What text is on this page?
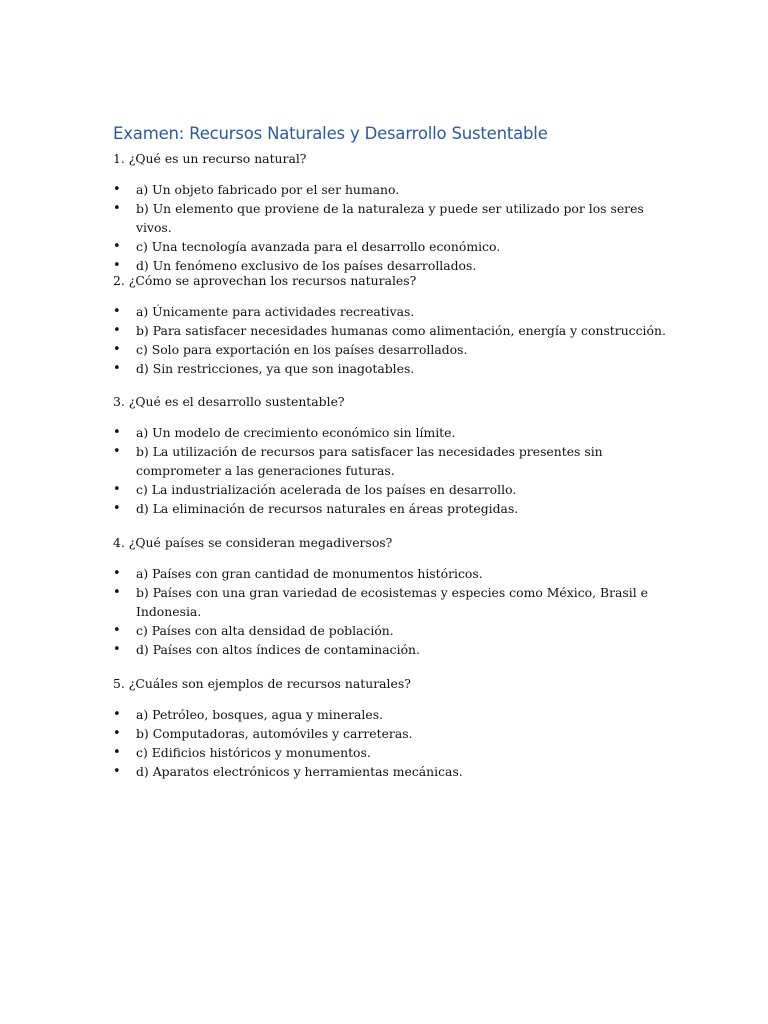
Examen: Recursos Naturales y Desarrollo Sustentable
1. ¿Qué es un recurso natural?
• a) Un objeto fabricado por el ser humano.
• b) Un elemento que proviene de la naturaleza y puede ser utilizado por los seres vivos.
• c) Una tecnología avanzada para el desarrollo económico.
• d) Un fenómeno exclusivo de los países desarrollados.
2. ¿Cómo se aprovechan los recursos naturales?
• a) Únicamente para actividades recreativas.
• b) Para satisfacer necesidades humanas como alimentación, energía y construcción.
• c) Solo para exportación en los países desarrollados.
• d) Sin restricciones, ya que son inagotables.
3. ¿Qué es el desarrollo sustentable?
• a) Un modelo de crecimiento económico sin límite.
• b) La utilización de recursos para satisfacer las necesidades presentes sin comprometer a las generaciones futuras.
• c) La industrialización acelerada de los países en desarrollo.
• d) La eliminación de recursos naturales en áreas protegidas.
4. ¿Qué países se consideran megadiversos?
• a) Países con gran cantidad de monumentos históricos.
• b) Países con una gran variedad de ecosistemas y especies como México, Brasil e Indonesia.
• c) Países con alta densidad de población.
• d) Países con altos índices de contaminación.
5. ¿Cuáles son ejemplos de recursos naturales?
• a) Petróleo, bosques, agua y minerales.
• b) Computadoras, automóviles y carreteras.
• c) Edificios históricos y monumentos.
• d) Aparatos electrónicos y herramientas mecánicas.
